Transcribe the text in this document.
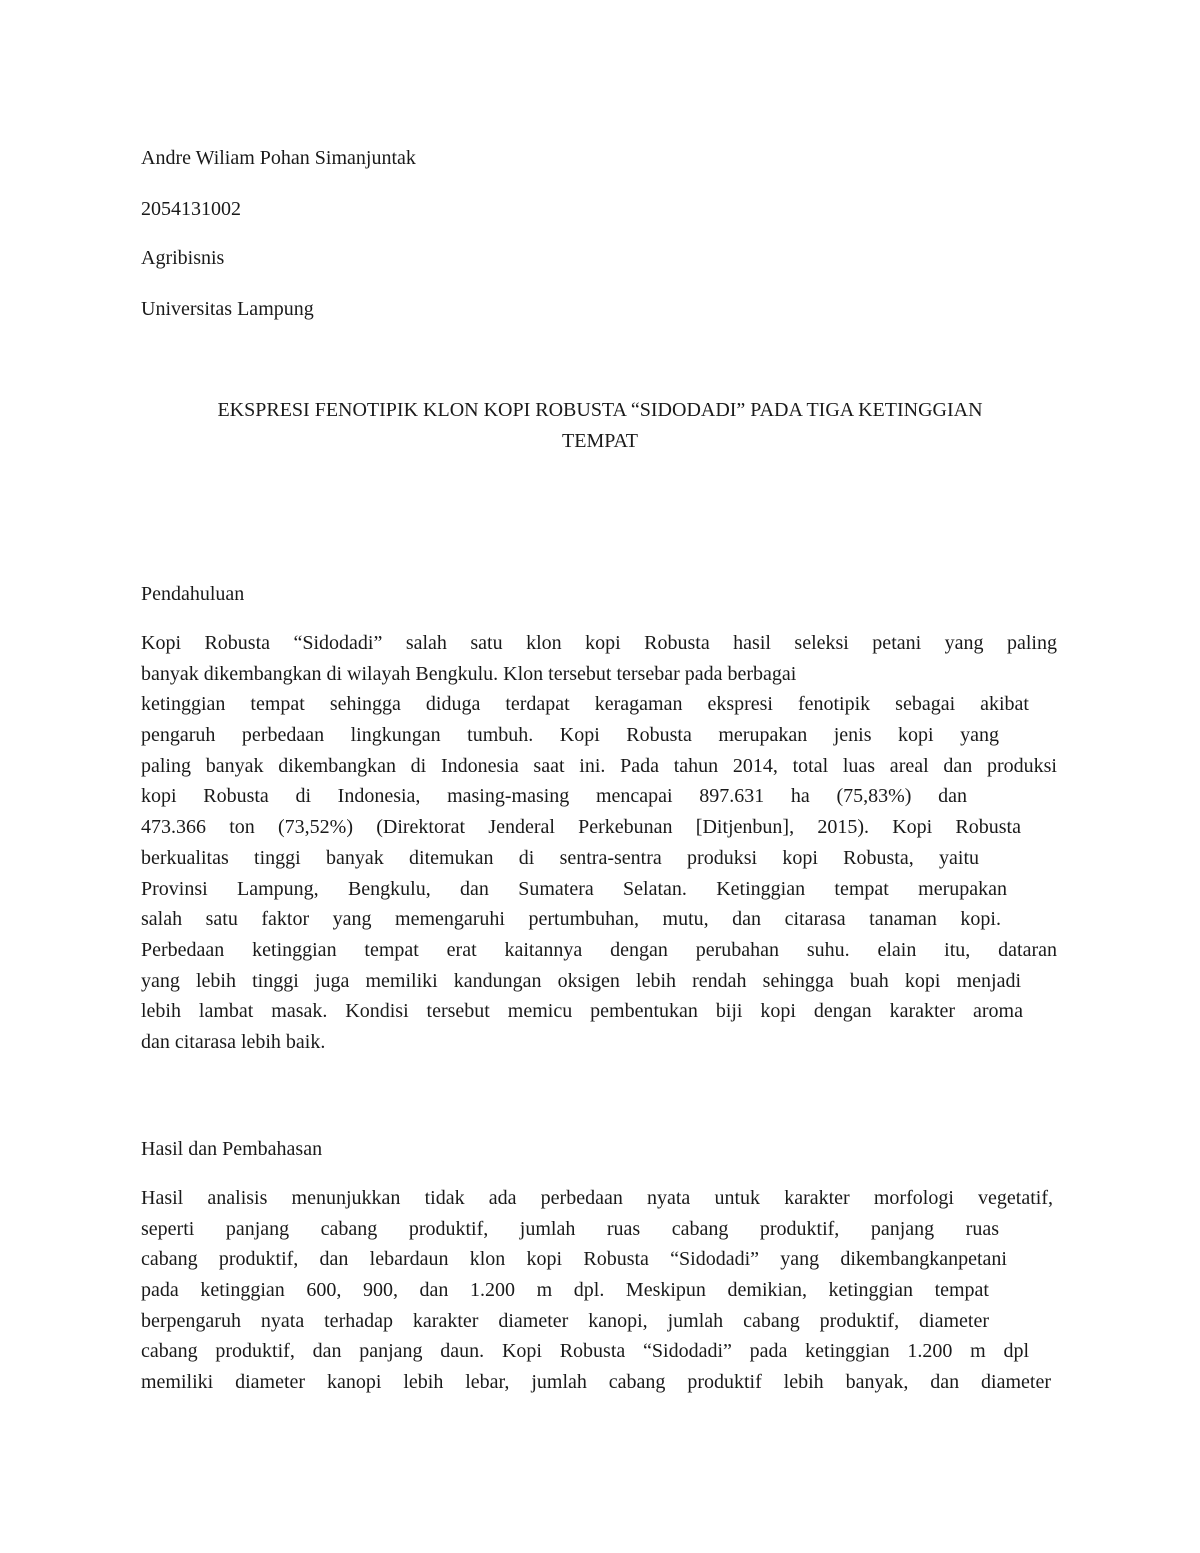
Andre Wiliam Pohan Simanjuntak
2054131002
Agribisnis
Universitas Lampung
EKSPRESI FENOTIPIK KLON KOPI ROBUSTA “SIDODADI” PADA TIGA KETINGGIAN
TEMPAT
Pendahuluan
Kopi Robusta “Sidodadi” salah satu klon kopi Robusta hasil seleksi petani yang paling
banyak dikembangkan di wilayah Bengkulu. Klon tersebut tersebar pada berbagai
ketinggian tempat sehingga diduga terdapat keragaman ekspresi fenotipik sebagai akibat
pengaruh perbedaan lingkungan tumbuh. Kopi Robusta merupakan jenis kopi yang
paling banyak dikembangkan di Indonesia saat ini. Pada tahun 2014, total luas areal dan produksi
kopi Robusta di Indonesia, masing-masing mencapai 897.631 ha (75,83%) dan
473.366 ton (73,52%) (Direktorat Jenderal Perkebunan [Ditjenbun], 2015). Kopi Robusta
berkualitas tinggi banyak ditemukan di sentra-sentra produksi kopi Robusta, yaitu
Provinsi Lampung, Bengkulu, dan Sumatera Selatan. Ketinggian tempat merupakan
salah satu faktor yang memengaruhi pertumbuhan, mutu, dan citarasa tanaman kopi.
Perbedaan ketinggian tempat erat kaitannya dengan perubahan suhu. elain itu, dataran
yang lebih tinggi juga memiliki kandungan oksigen lebih rendah sehingga buah kopi menjadi
lebih lambat masak. Kondisi tersebut memicu pembentukan biji kopi dengan karakter aroma
dan citarasa lebih baik.
Hasil dan Pembahasan
Hasil analisis menunjukkan tidak ada perbedaan nyata untuk karakter morfologi vegetatif,
seperti panjang cabang produktif, jumlah ruas cabang produktif, panjang ruas
cabang produktif, dan lebardaun klon kopi Robusta “Sidodadi” yang dikembangkanpetani
pada ketinggian 600, 900, dan 1.200 m dpl. Meskipun demikian, ketinggian tempat
berpengaruh nyata terhadap karakter diameter kanopi, jumlah cabang produktif, diameter
cabang produktif, dan panjang daun. Kopi Robusta “Sidodadi” pada ketinggian 1.200 m dpl
memiliki diameter kanopi lebih lebar, jumlah cabang produktif lebih banyak, dan diameter
